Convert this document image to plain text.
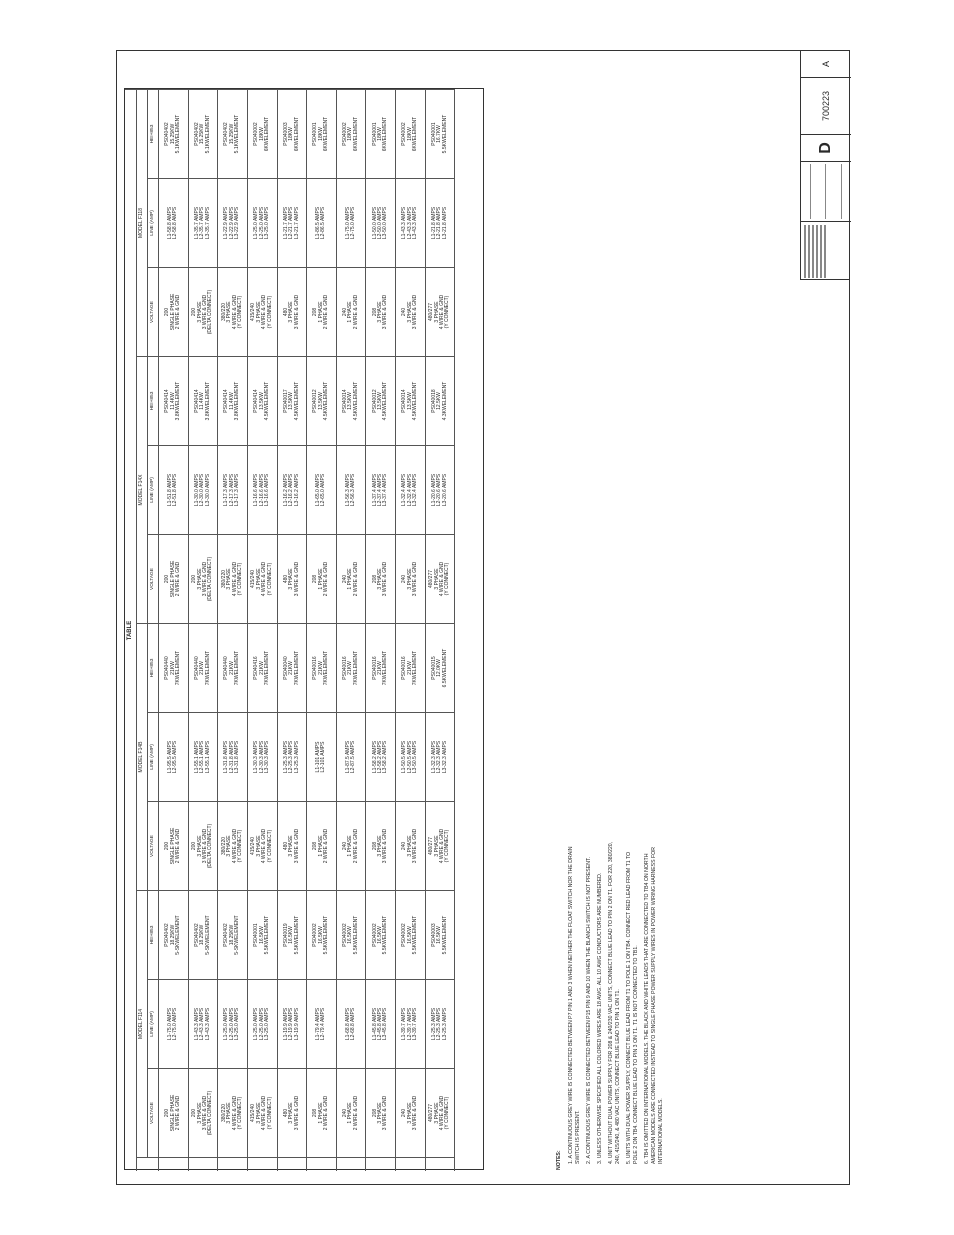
TABLE
MODEL F114
VOLTAGE
LINE (AMP)
HEI+853
MODEL F14B
VOLTAGE
LINE (AMP)
HEI+853
MODEL F14X
VOLTAGE
LINE (AMP)
HEI+853
MODEL F118
VOLTAGE
LINE (AMP)
HEI+853
200 SINGLE PHASE 2 WIRE & GND
L1-75.0 AMPS L2-75.0 AMPS
PS040402 18.25KW 5-SKWELEMENT
200 SINGLE PHASE 2 WIRE & GND
L1-95.5 AMPS L2-95.5 AMPS
PS040440 21KW 7KWELEMENT
200 SINGLE PHASE 2 WIRE & GND
L1-51.8 AMPS L2-51.8 AMPS
PS040414 11.4KW 3.8KWELEMENT
200 SINGLE PHASE 2 WIRE & GND
L1-58.8 AMPS L2-58.8 AMPS
PS040402 15.25KW 5.1KWELEMENT
200 3 PHASE 3 WIRE & GND (DELTA CONNECT)
L1-43.3 AMPS L2-43.3 AMPS L3-43.3 AMPS
PS040402 18.25KW 5-SKWELEMENT
200 3 PHASE 3 WIRE & GND (DELTA CONNECT)
L1-55.1 AMPS L2-55.1 AMPS L3-55.1 AMPS
PS040440 21KW 7KWELEMENT
200 3 PHASE 3 WIRE & GND (DELTA CONNECT)
L1-30.0 AMPS L2-30.0 AMPS L3-30.0 AMPS
PS040414 11.4KW 3.8KWELEMENT
200 3 PHASE 3 WIRE & GND (DELTA CONNECT)
L1-35.7 AMPS L2-35.7 AMPS L3-35.7 AMPS
PS040402 15.25KW 5.1KWELEMENT
380/220 3 PHASE 4 WIRE & GND (Y CONNECT)
L1-25.0 AMPS L2-25.0 AMPS L3-25.0 AMPS
PS040402 18.25KW 5-SKWELEMENT
380/220 3 PHASE 4 WIRE & GND (Y CONNECT)
L1-31.8 AMPS L2-31.8 AMPS L3-31.8 AMPS
PS040440 21KW 7KWELEMENT
380/220 3 PHASE 4 WIRE & GND (Y CONNECT)
L1-17.3 AMPS L2-17.3 AMPS L3-17.3 AMPS
PS040414 11.4KW 3.8KWELEMENT
380/220 3 PHASE 4 WIRE & GND (Y CONNECT)
L1-22.9 AMPS L2-22.9 AMPS L3-22.9 AMPS
PS040402 15.25KW 5.1KWELEMENT
415/240 3 PHASE 4 WIRE & GND (Y CONNECT)
L1-25.0 AMPS L2-25.0 AMPS L3-25.0 AMPS
PS040001 16.5KW 5.5KWELEMENT
415/240 3 PHASE 4 WIRE & GND (Y CONNECT)
L1-30.3 AMPS L2-30.3 AMPS L3-30.3 AMPS
PS040416 21KW 7KWELEMENT
415/240 3 PHASE 4 WIRE & GND (Y CONNECT)
L1-16.6 AMPS L2-16.6 AMPS L3-16.6 AMPS
PS040414 13.5KW 4.5KWELEMENT
415/240 3 PHASE 4 WIRE & GND (Y CONNECT)
L1-25.0 AMPS L2-25.0 AMPS L3-25.0 AMPS
PS040002 18KW 6KWELEMENT
480 3 PHASE 3 WIRE & GND
L1-19.9 AMPS L2-19.9 AMPS L3-19.9 AMPS
PS040019 16.5KW 5.5KWELEMENT
480 3 PHASE 3 WIRE & GND
L1-25.3 AMPS L2-25.3 AMPS L3-25.3 AMPS
PS040040 21KW 7KWELEMENT
480 3 PHASE 3 WIRE & GND
L1-16.2 AMPS L2-16.2 AMPS L3-16.2 AMPS
PS040017 13.5KW 4.5KWELEMENT
480 3 PHASE 3 WIRE & GND
L1-21.7 AMPS L2-21.7 AMPS L3-21.7 AMPS
PS040003 18KW 6KWELEMENT
208 1 PHASE 2 WIRE & GND
L1-79.4 AMPS L2-79.4 AMPS
PS040002 16.5KW 5.5KWELEMENT
208 1 PHASE 2 WIRE & GND
L1-101 AMPS L2-101 AMPS
PS040016 21KW 7KWELEMENT
208 1 PHASE 2 WIRE & GND
L1-65.0 AMPS L2-65.0 AMPS
PS040012 13.5KW 4.5KWELEMENT
208 1 PHASE 2 WIRE & GND
L1-86.5 AMPS L2-86.5 AMPS
PS040001 18KW 6KWELEMENT
240 1 PHASE 2 WIRE & GND
L1-68.8 AMPS L2-68.8 AMPS
PS040002 16.5KW 5.5KWELEMENT
240 1 PHASE 2 WIRE & GND
L1-87.5 AMPS L2-87.5 AMPS
PS040016 21KW 7KWELEMENT
240 1 PHASE 2 WIRE & GND
L1-56.3 AMPS L2-56.3 AMPS
PS040014 13.5KW 4.5KWELEMENT
240 1 PHASE 2 WIRE & GND
L1-75.0 AMPS L2-75.0 AMPS
PS040002 18KW 6KWELEMENT
208 3 PHASE 3 WIRE & GND
L1-45.8 AMPS L2-45.8 AMPS L3-45.8 AMPS
PS040002 16.5KW 5.5KWELEMENT
208 3 PHASE 3 WIRE & GND
L1-58.2 AMPS L2-58.2 AMPS L3-58.2 AMPS
PS040016 21KW 7KWELEMENT
208 3 PHASE 3 WIRE & GND
L1-37.4 AMPS L2-37.4 AMPS L3-37.4 AMPS
PS040012 13.5KW 4.5KWELEMENT
208 3 PHASE 3 WIRE & GND
L1-50.0 AMPS L2-50.0 AMPS L3-50.0 AMPS
PS040001 18KW 6KWELEMENT
240 3 PHASE 3 WIRE & GND
L1-39.7 AMPS L2-39.7 AMPS L3-39.7 AMPS
PS040002 16.5KW 5.5KWELEMENT
240 3 PHASE 3 WIRE & GND
L1-50.5 AMPS L2-50.5 AMPS L3-50.5 AMPS
PS040016 21KW 7KWELEMENT
240 3 PHASE 3 WIRE & GND
L1-32.4 AMPS L2-32.4 AMPS L3-32.4 AMPS
PS040014 13.5KW 4.5KWELEMENT
240 3 PHASE 3 WIRE & GND
L1-43.3 AMPS L2-43.3 AMPS L3-43.3 AMPS
PS040002 18KW 6KWELEMENT
480/277 3 PHASE 4 WIRE & GND (Y CONNECT)
L1-25.3 AMPS L2-25.3 AMPS L3-25.3 AMPS
PS040003 16.5KW 5.5KWELEMENT
480/277 3 PHASE 4 WIRE & GND (Y CONNECT)
L1-32.3 AMPS L2-32.3 AMPS L3-32.3 AMPS
PS040015 12.0KW 6.5KWELEMENT
480/277 3 PHASE 4 WIRE & GND (Y CONNECT)
L1-20.6 AMPS L2-20.6 AMPS L3-20.6 AMPS
PS040018 12.5KW 4.3KWELEMENT
480/277 3 PHASE 4 WIRE & GND (Y CONNECT)
L1-21.8 AMPS L2-21.8 AMPS L3-21.8 AMPS
PS040001 16.7KW 5.5KWELEMENT
NOTES: 1. A CONTINUOUS GREY WIRE IS CONNECTED BETWEEN P7 PIN 1 AND 3 WHEN NEITHER THE FLOAT SWITCH NOR THE DRAIN SWITCH IS PRESENT. 2. A CONTINUOUS GREY WIRE IS CONNECTED BETWEEN P15 PIN 9 AND 10 WHEN THE BLANCH SWITCH IS NOT PRESENT. 3. UNLESS OTHERWISE SPECIFIED ALL COLORED WIRES ARE 18 AWG. ALL 10 AWG CONDUCTORS ARE NUMBERED. 4. UNIT WITHOUT DUAL POWER SUPPLY FOR 208 & 240/230 VAC UNITS, CONNECT BLUE LEAD TO PIN 2 ON T1. FOR 220, 380/220, 240, 415/240, & 480 VAC UNITS, CONNECT BLUE LEAD TO PIN 1 ON T1. 5. UNITS WITH DUAL POWER SUPPLY, CONNECT BLUE LEAD FROM T1 TO POLE 1 ON TB4. CONNECT RED LEAD FROM T1 TO POLE 2 ON TB4. CONNECT BLUE LEAD TO PIN 3 ON T1. T1 IS NOT CONNECTED TO TB1. 6. TB4 IS OMITTED ON INTERNATIONAL MODELS. THE BLACK AND WHITE LEADS THAT ARE CONNECTED TO TB4 ON NORTH AMERICAN MODELS ARE CONNECTED INSTEAD TO SINGLE PHASE POWER SUPPLY WIRES IN POWER WIRING HARNESS FOR INTERNATIONAL MODELS.
D
700223
A
